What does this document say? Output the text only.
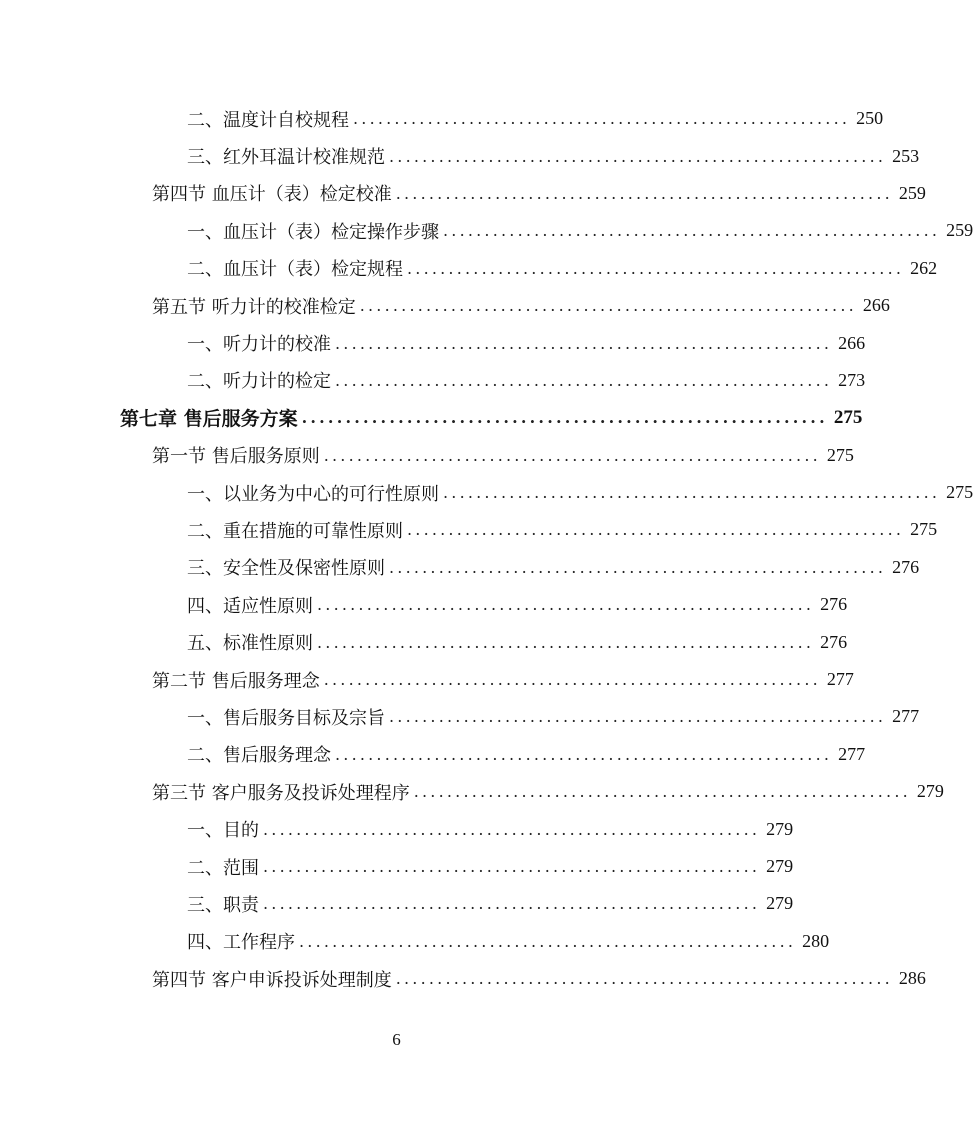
二、温度计自校规程 ............................................................ 250
三、红外耳温计校准规范 ............................................................ 253
第四节 血压计（表）检定校准 ............................................................ 259
一、血压计（表）检定操作步骤 ............................................................ 259
二、血压计（表）检定规程 ............................................................ 262
第五节 听力计的校准检定 ............................................................ 266
一、听力计的校准 ............................................................ 266
二、听力计的检定 ............................................................ 273
第七章 售后服务方案 ............................................................ 275
第一节 售后服务原则 ............................................................ 275
一、以业务为中心的可行性原则 ............................................................ 275
二、重在措施的可靠性原则 ............................................................ 275
三、安全性及保密性原则 ............................................................ 276
四、适应性原则 ............................................................ 276
五、标准性原则 ............................................................ 276
第二节 售后服务理念 ............................................................ 277
一、售后服务目标及宗旨 ............................................................ 277
二、售后服务理念 ............................................................ 277
第三节 客户服务及投诉处理程序 ............................................................ 279
一、目的 ............................................................ 279
二、范围 ............................................................ 279
三、职责 ............................................................ 279
四、工作程序 ............................................................ 280
第四节 客户申诉投诉处理制度 ............................................................ 286
6
